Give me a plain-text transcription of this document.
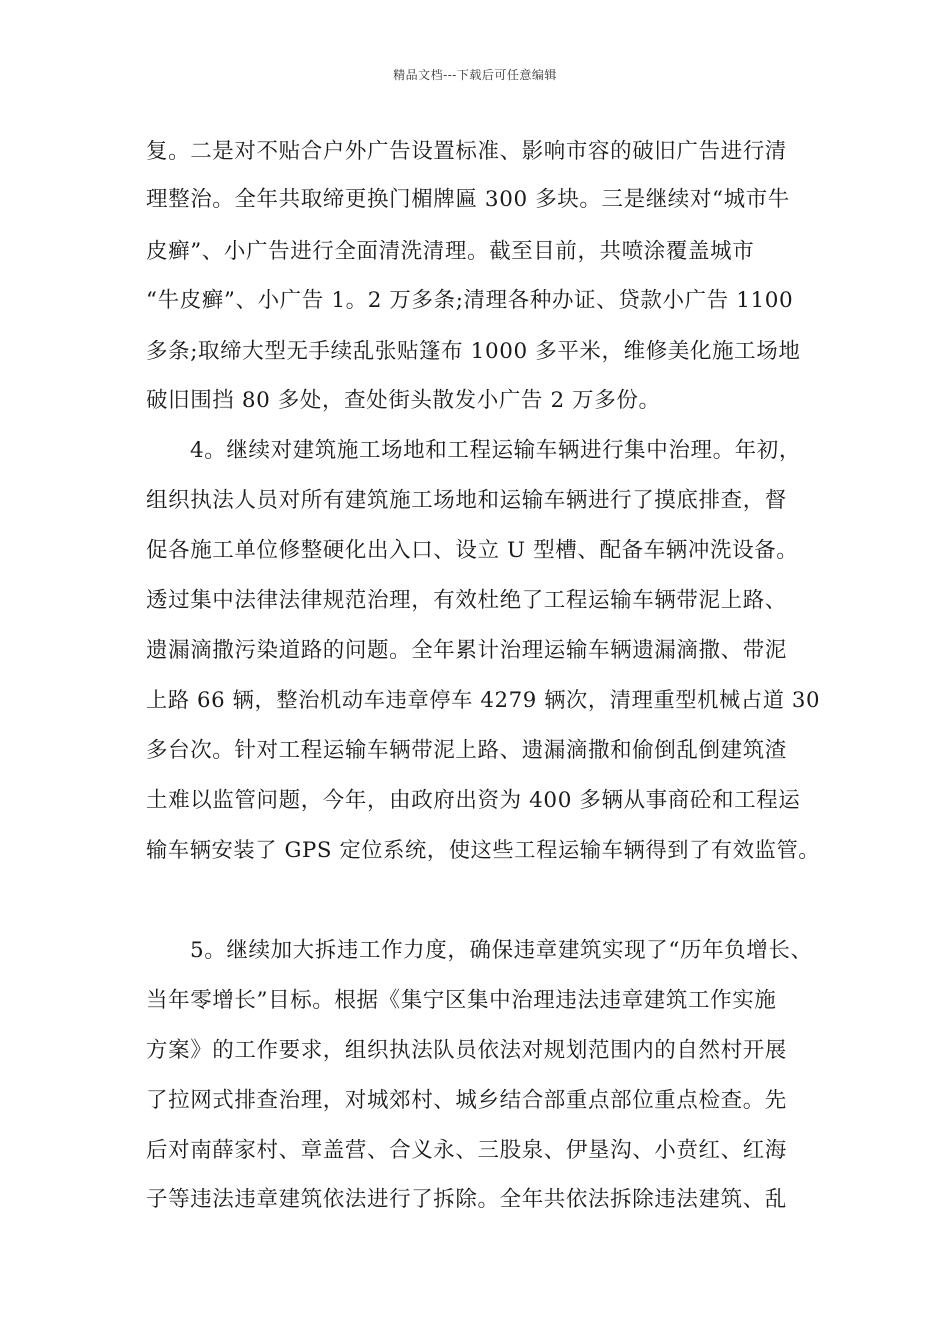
精品文档---下载后可任意编辑
复。二是对不贴合户外广告设置标准、影响市容的破旧广告进行清
理整治。全年共取缔更换门楣牌匾 300 多块。三是继续对“城市牛
皮癣”、小广告进行全面清洗清理。截至目前，共喷涂覆盖城市
“牛皮癣”、小广告 1。2 万多条;清理各种办证、贷款小广告 1100
多条;取缔大型无手续乱张贴篷布 1000 多平米，维修美化施工场地
破旧围挡 80 多处，查处街头散发小广告 2 万多份。
4。继续对建筑施工场地和工程运输车辆进行集中治理。年初，
组织执法人员对所有建筑施工场地和运输车辆进行了摸底排查，督
促各施工单位修整硬化出入口、设立 U 型槽、配备车辆冲洗设备。
透过集中法律法律规范治理，有效杜绝了工程运输车辆带泥上路、
遗漏滴撒污染道路的问题。全年累计治理运输车辆遗漏滴撒、带泥
上路 66 辆，整治机动车违章停车 4279 辆次，清理重型机械占道 30
多台次。针对工程运输车辆带泥上路、遗漏滴撒和偷倒乱倒建筑渣
土难以监管问题，今年，由政府出资为 400 多辆从事商砼和工程运
输车辆安装了 GPS 定位系统，使这些工程运输车辆得到了有效监管。
5。继续加大拆违工作力度，确保违章建筑实现了“历年负增长、
当年零增长”目标。根据《集宁区集中治理违法违章建筑工作实施
方案》的工作要求，组织执法队员依法对规划范围内的自然村开展
了拉网式排查治理，对城郊村、城乡结合部重点部位重点检查。先
后对南薛家村、章盖营、合义永、三股泉、伊垦沟、小贲红、红海
子等违法违章建筑依法进行了拆除。全年共依法拆除违法建筑、乱
